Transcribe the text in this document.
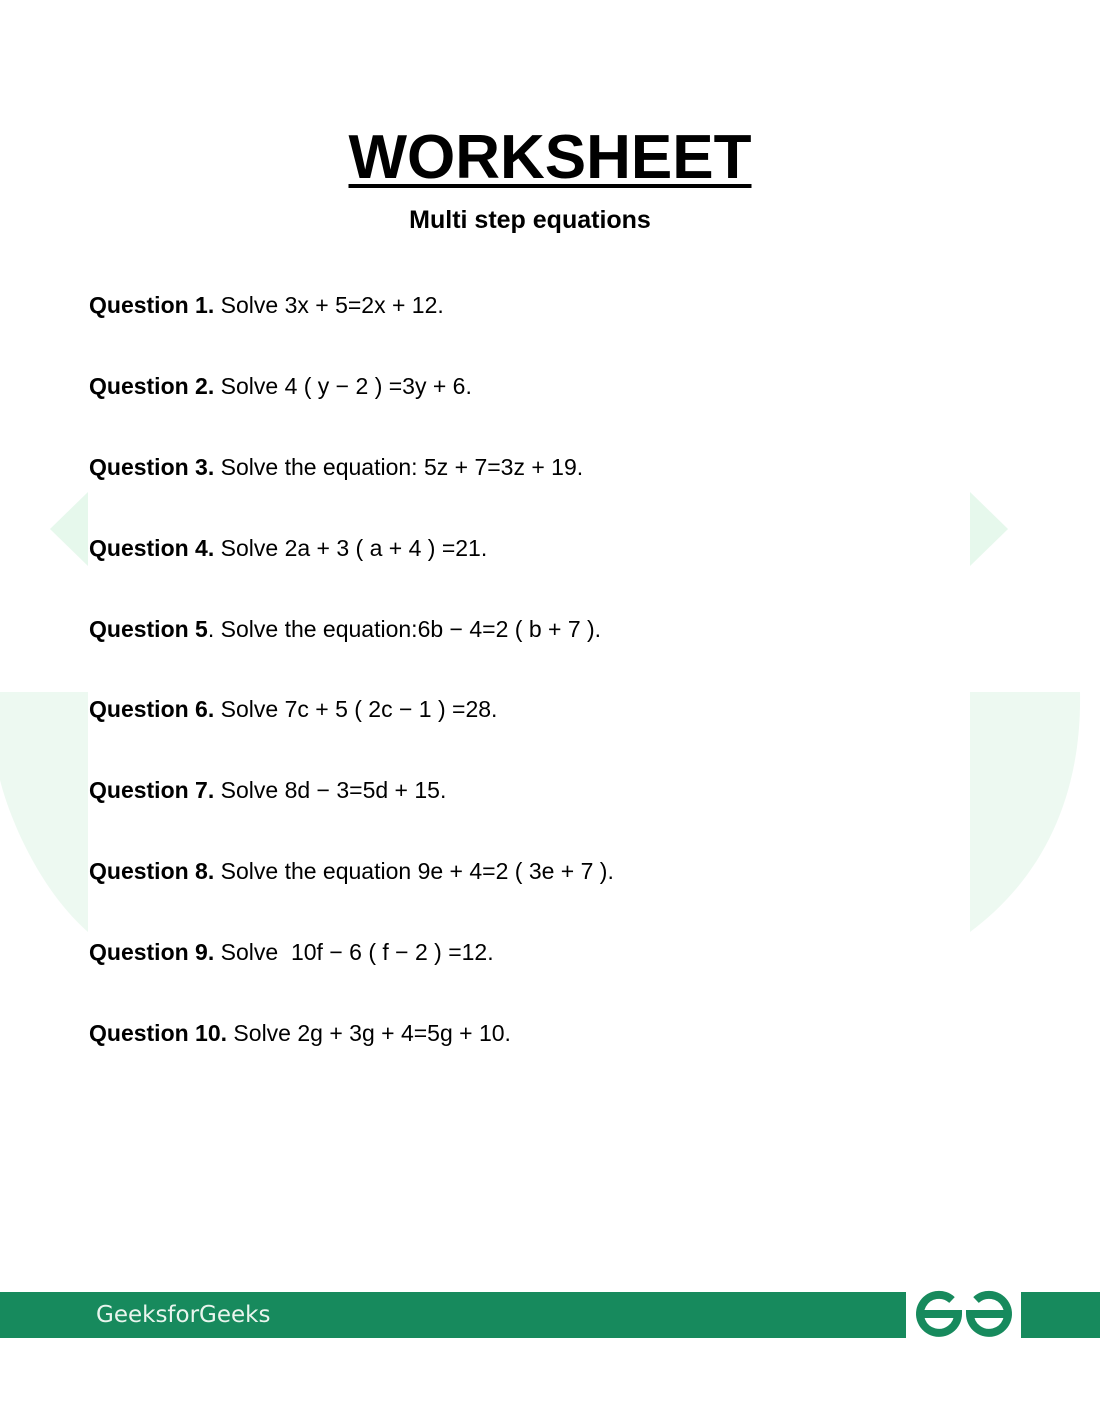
WORKSHEET
Multi step equations
Question 1. Solve 3x + 5=2x + 12.
Question 2. Solve 4 ( y − 2 ) =3y + 6.
Question 3. Solve the equation: 5z + 7=3z + 19.
Question 4. Solve 2a + 3 ( a + 4 ) =21.
Question 5. Solve the equation:6b − 4=2 ( b + 7 ).
Question 6. Solve 7c + 5 ( 2c − 1 ) =28.
Question 7. Solve 8d − 3=5d + 15.
Question 8. Solve the equation 9e + 4=2 ( 3e + 7 ).
Question 9. Solve  10f − 6 ( f − 2 ) =12.
Question 10. Solve 2g + 3g + 4=5g + 10.
GeeksforGeeks
